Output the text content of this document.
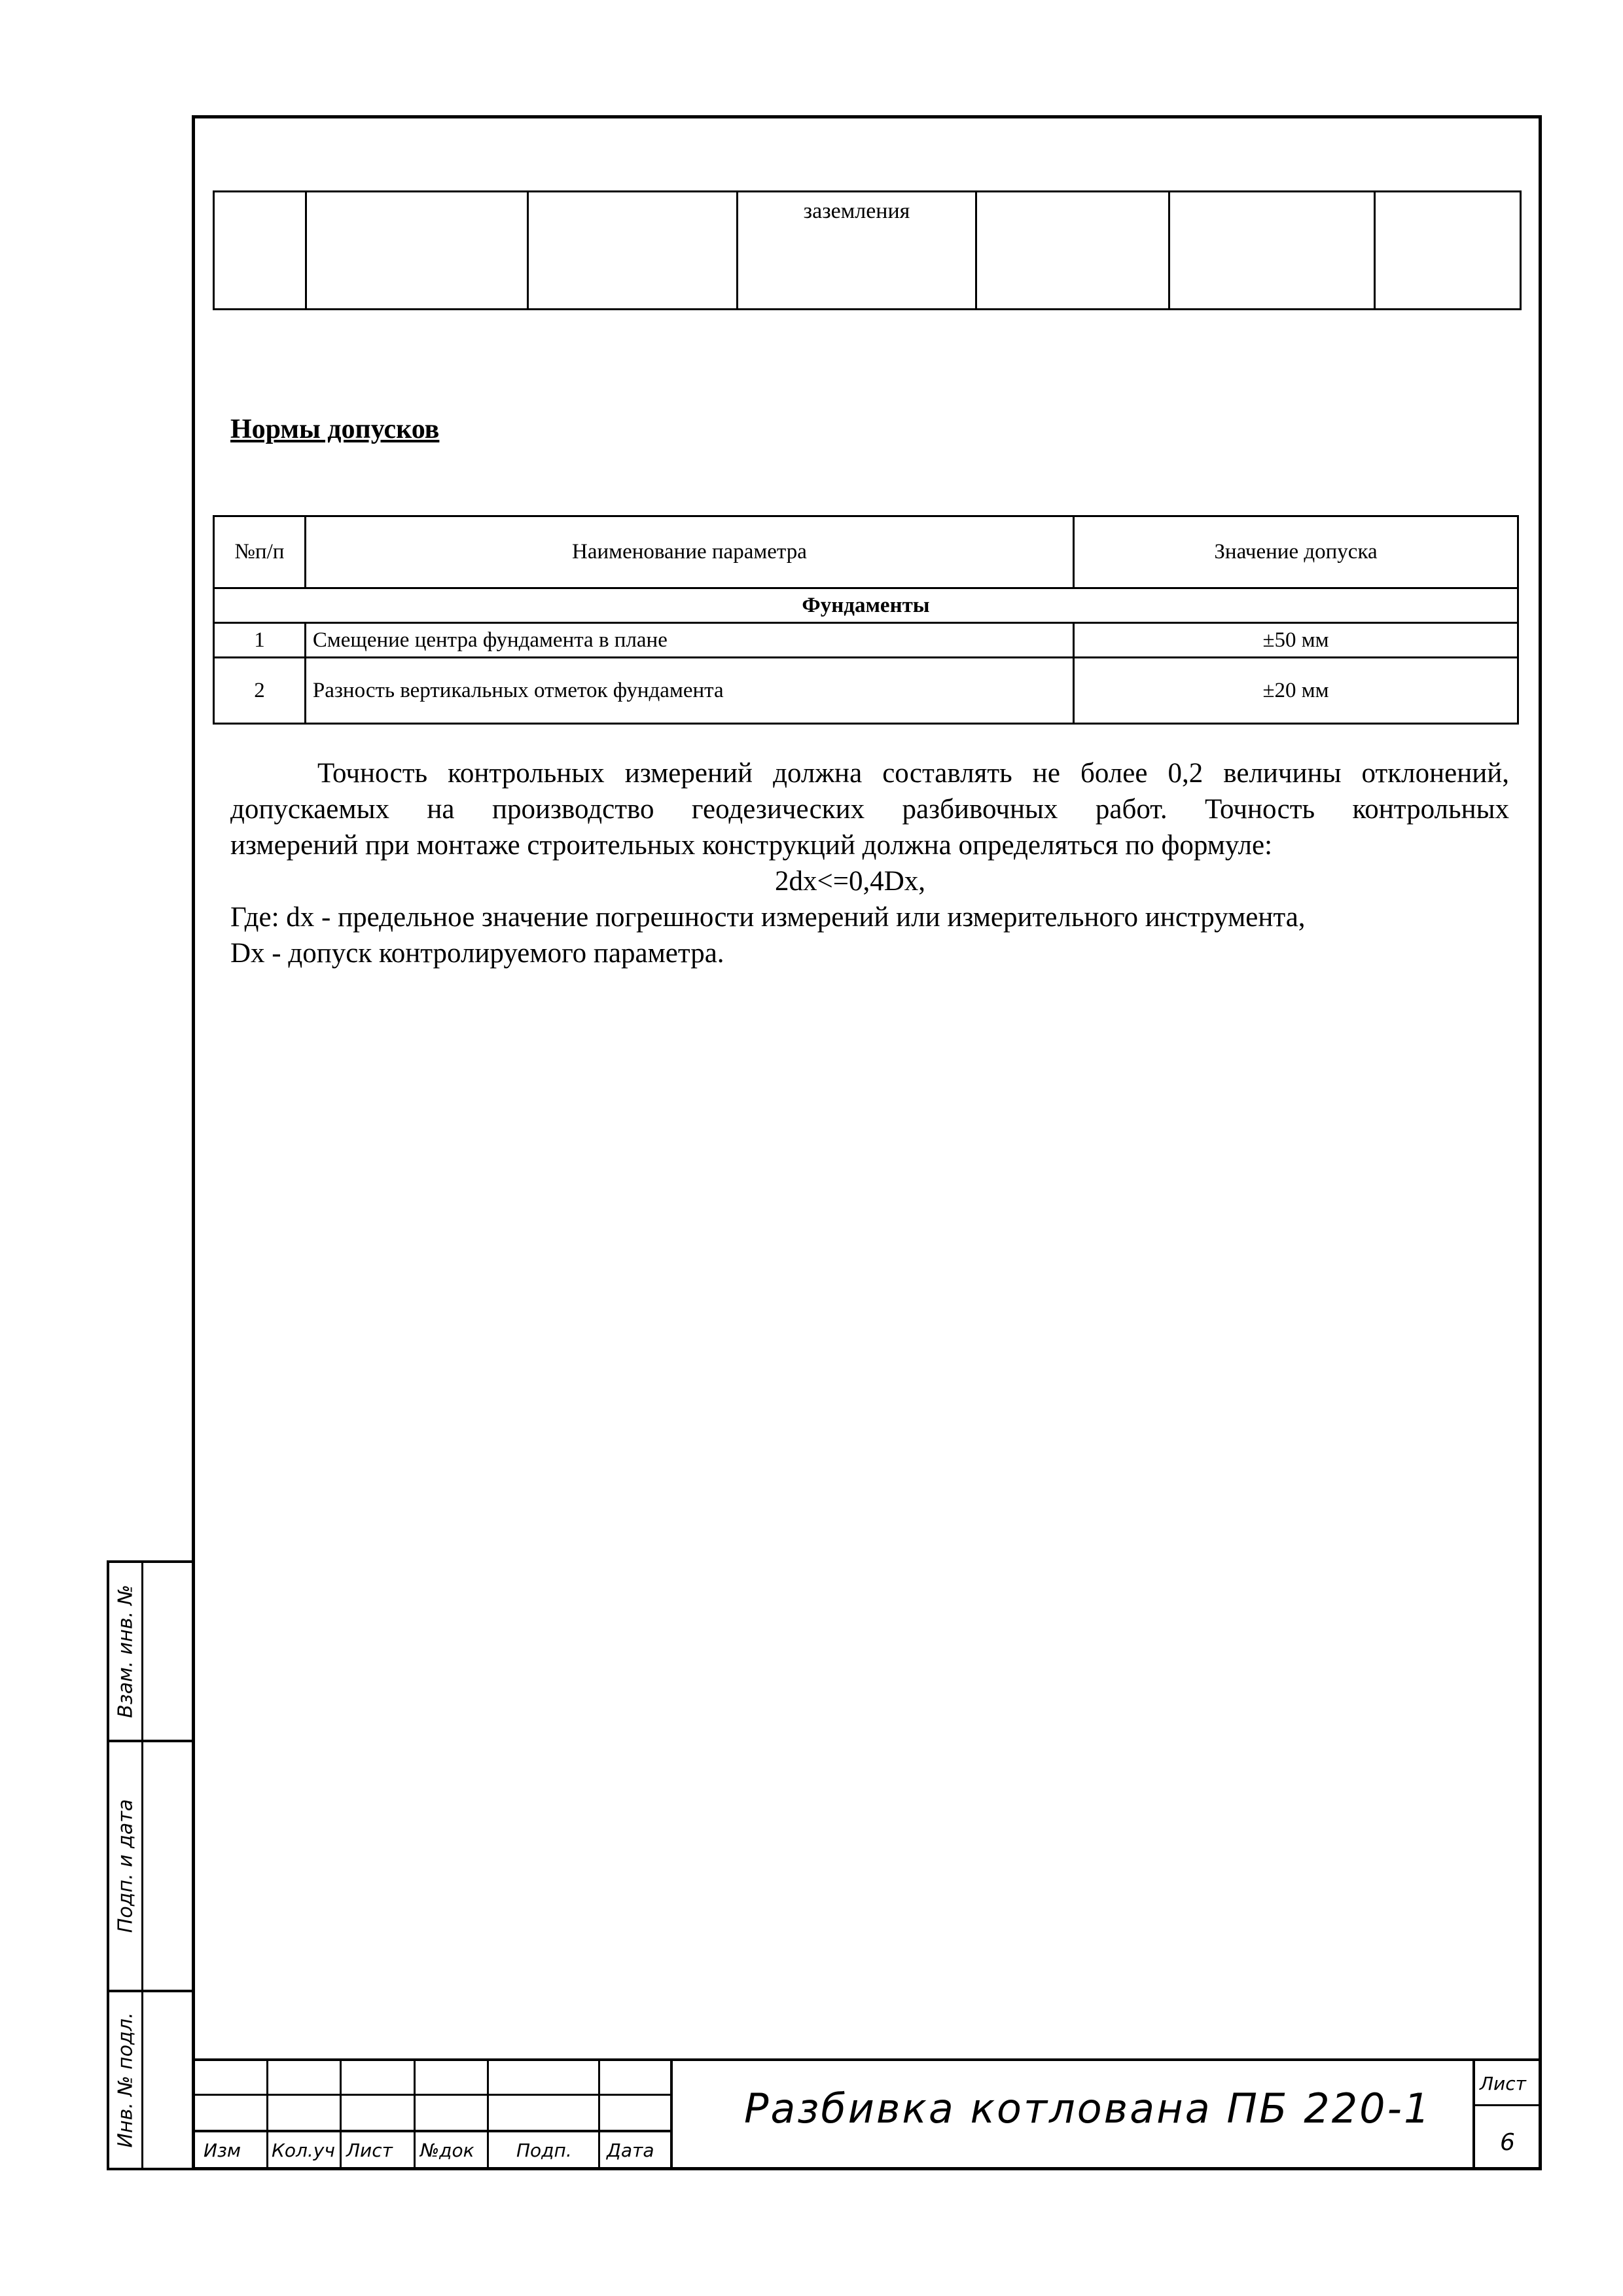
			заземления			
Нормы допусков
№п/п	Наименование параметра	Значение допуска
Фундаменты		
1	Смещение центра фундамента в плане	±50 мм
2	Разность вертикальных отметок фундамента	±20 мм

Точность контрольных измерений должна составлять не более 0,2 величины отклонений,

допускаемых на производство геодезических разбивочных работ. Точность контрольных

измерений при монтаже строительных конструкций должна определяться по формуле:

2dx<=0,4Dx,

Где: dx - предельное значение погрешности измерений или измерительного инструмента,

Dx - допуск контролируемого параметра.

Взам. инв. №
Подп. и дата
Инв. № подл.
Изм Кол.уч Лист №док Подп. Дата
Разбивка котлована ПБ 220-1
Лист
6
